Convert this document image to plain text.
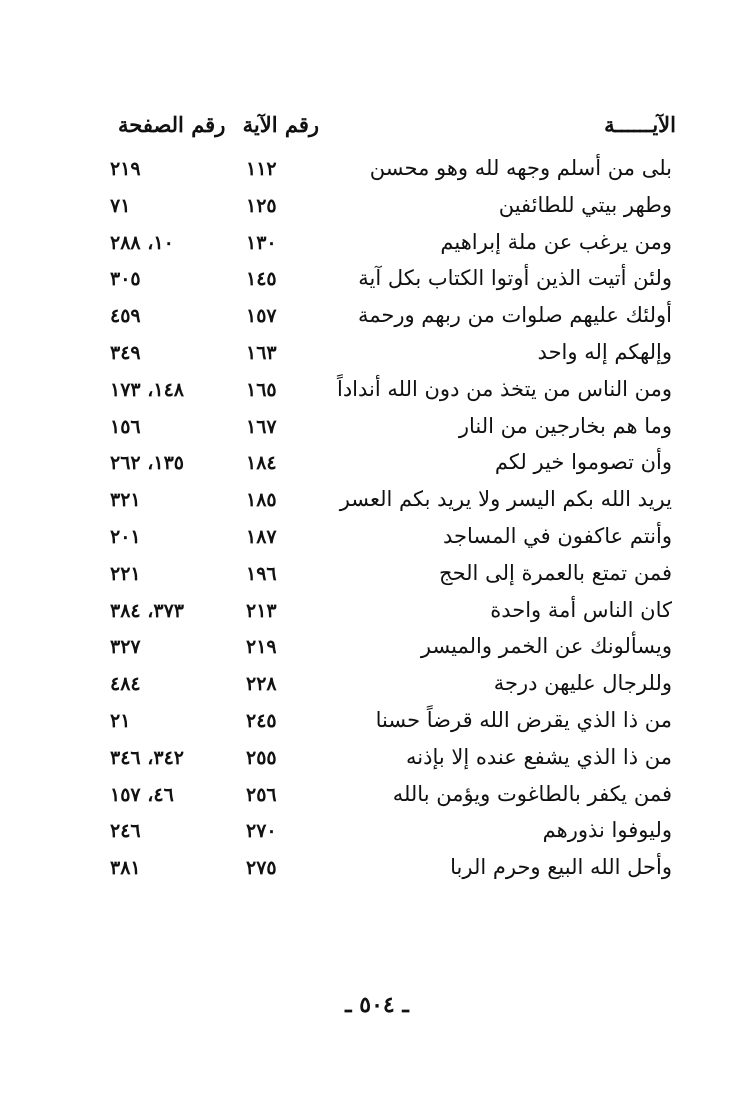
الآيــــــة
رقم الآية رقم الصفحة
بلى من أسلم وجهه لله وهو محسن
١١٢
٢١٩
وطهر بيتي للطائفين
١٢٥
٧١
ومن يرغب عن ملة إبراهيم
١٣٠
١٠، ٢٨٨
ولئن أتيت الذين أوتوا الكتاب بكل آية
١٤٥
٣٠٥
أولئك عليهم صلوات من ربهم ورحمة
١٥٧
٤٥٩
وإلهكم إله واحد
١٦٣
٣٤٩
ومن الناس من يتخذ من دون الله أنداداً
١٦٥
١٤٨، ١٧٣
وما هم بخارجين من النار
١٦٧
١٥٦
وأن تصوموا خير لكم
١٨٤
١٣٥، ٢٦٢
يريد الله بكم اليسر ولا يريد بكم العسر
١٨٥
٣٢١
وأنتم عاكفون في المساجد
١٨٧
٢٠١
فمن تمتع بالعمرة إلى الحج
١٩٦
٢٢١
كان الناس أمة واحدة
٢١٣
٣٧٣، ٣٨٤
ويسألونك عن الخمر والميسر
٢١٩
٣٢٧
وللرجال عليهن درجة
٢٢٨
٤٨٤
من ذا الذي يقرض الله قرضاً حسنا
٢٤٥
٢١
من ذا الذي يشفع عنده إلا بإذنه
٢٥٥
٣٤٢، ٣٤٦
فمن يكفر بالطاغوت ويؤمن بالله
٢٥٦
٤٦، ١٥٧
وليوفوا نذورهم
٢٧٠
٢٤٦
وأحل الله البيع وحرم الربا
٢٧٥
٣٨١
ـ ٥٠٤ ـ
